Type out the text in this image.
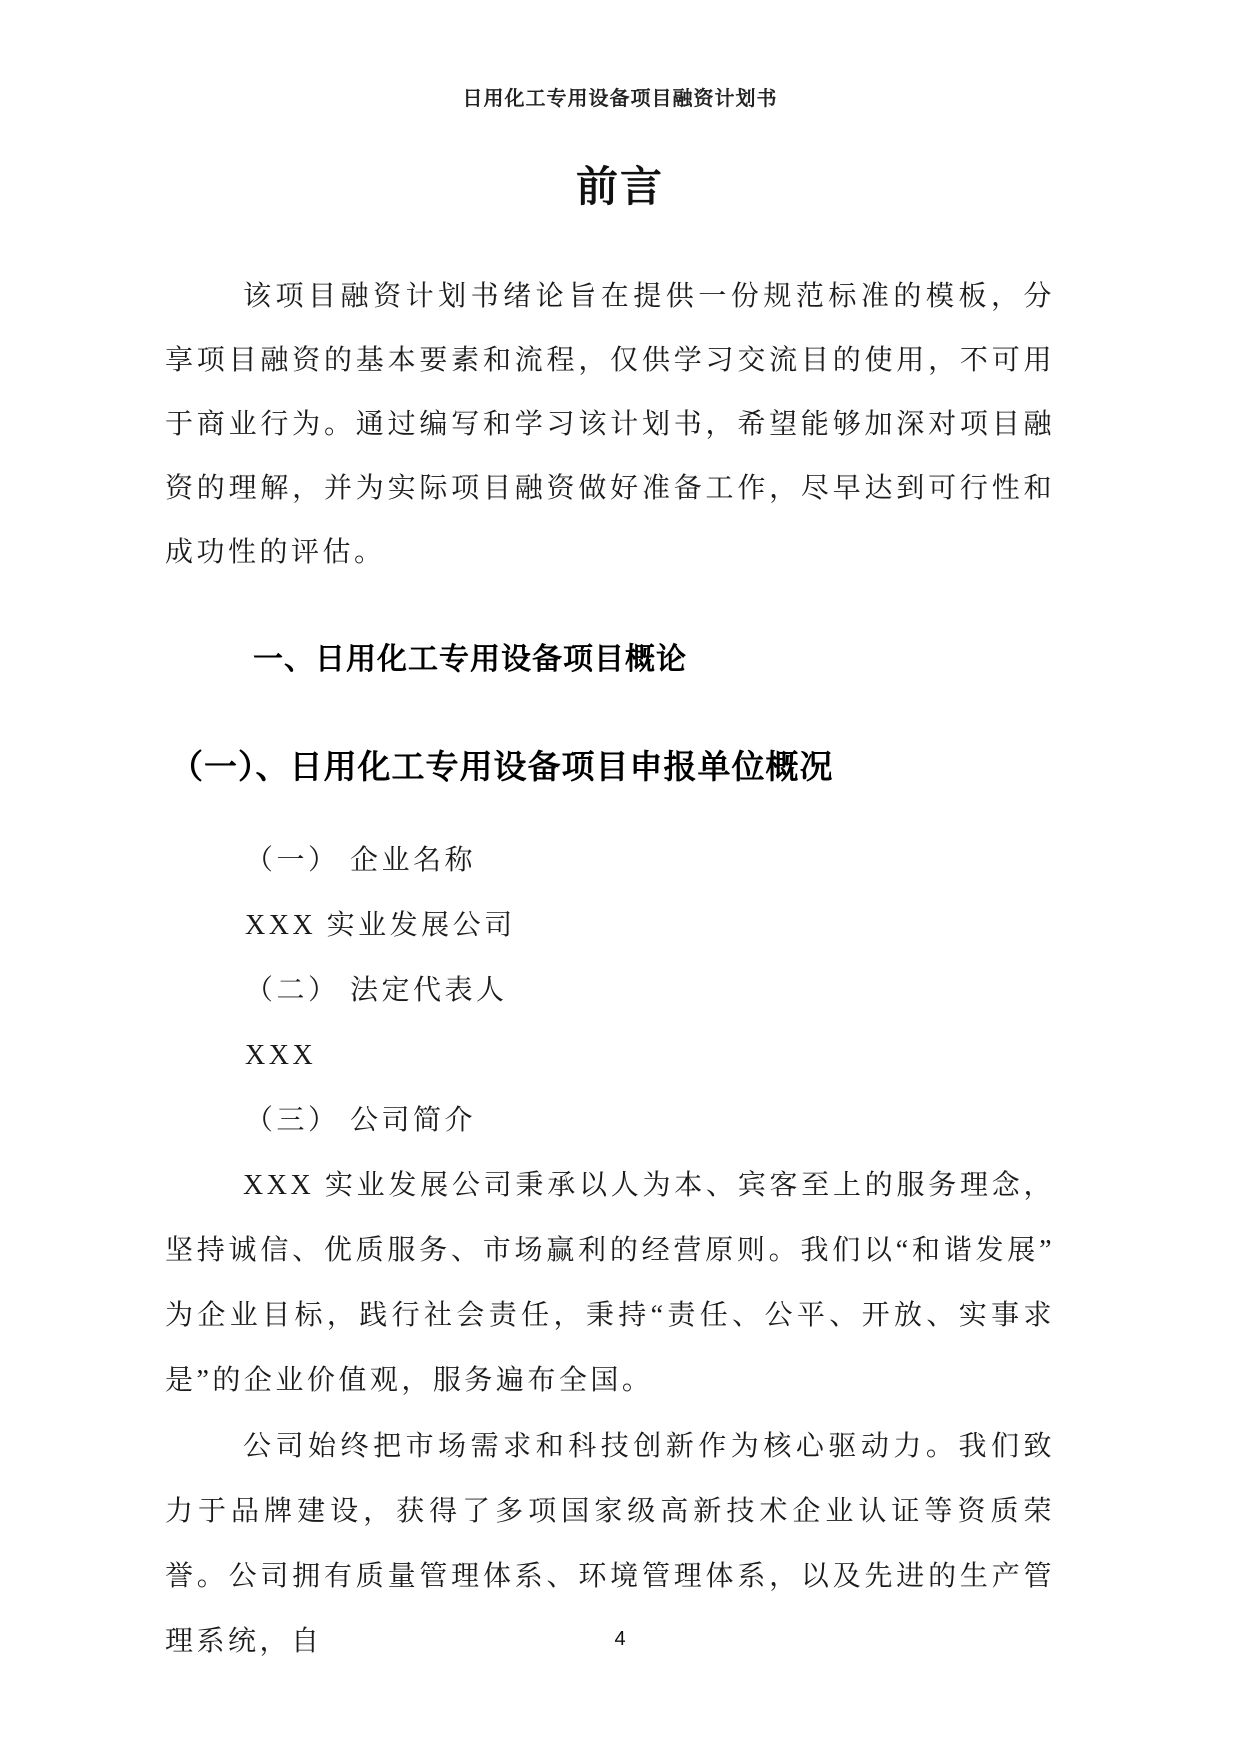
日用化工专用设备项目融资计划书
前言

该项目融资计划书绪论旨在提供一份规范标准的模板，分享项目融资的基本要素和流程，仅供学习交流目的使用，不可用于商业行为。通过编写和学习该计划书，希望能够加深对项目融资的理解，并为实际项目融资做好准备工作，尽早达到可行性和成功性的评估。

一、日用化工专用设备项目概论
（一）、日用化工专用设备项目申报单位概况
（一） 企业名称
XXX 实业发展公司
（二） 法定代表人
XXX
（三） 公司简介

XXX 实业发展公司秉承以人为本、宾客至上的服务理念，坚持诚信、优质服务、市场赢利的经营原则。我们以“和谐发展”为企业目标，践行社会责任，秉持“责任、公平、开放、实事求是”的企业价值观，服务遍布全国。

公司始终把市场需求和科技创新作为核心驱动力。我们致力于品牌建设，获得了多项国家级高新技术企业认证等资质荣誉。公司拥有质量管理体系、环境管理体系，以及先进的生产管理系统，自	4
